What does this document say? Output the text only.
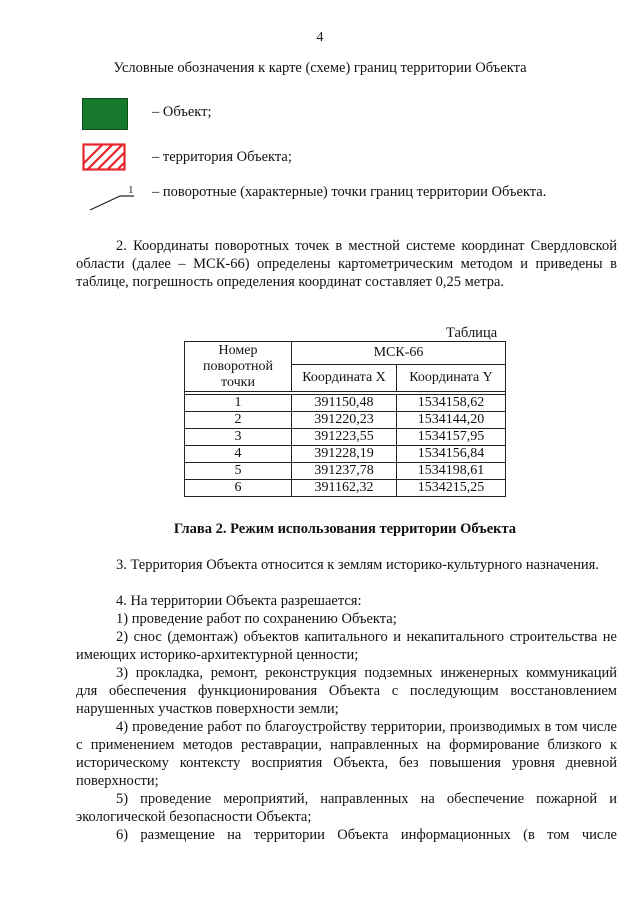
4
Условные обозначения к карте (схеме) границ территории Объекта
– Объект;
– территория Объекта;
1 – поворотные (характерные) точки границ территории Объекта.
2. Координаты поворотных точек в местной системе координат Свердловской области (далее – МСК-66) определены картометрическим методом и приведены в таблице, погрешность определения координат составляет 0,25 метра.
Таблица
Номер поворотной точки	МСК-66	
	Координата X	Координата Y

1	391150,48	1534158,62
2	391220,23	1534144,20
3	391223,55	1534157,95
4	391228,19	1534156,84
5	391237,78	1534198,61
6	391162,32	1534215,25
Глава 2. Режим использования территории Объекта
3. Территория Объекта относится к землям историко-культурного назначения.
4. На территории Объекта разрешается:
1) проведение работ по сохранению Объекта;
2) снос (демонтаж) объектов капитального и некапитального строительства не имеющих историко-архитектурной ценности;
3) прокладка, ремонт, реконструкция подземных инженерных коммуникаций для обеспечения функционирования Объекта с последующим восстановлением нарушенных участков поверхности земли;
4) проведение работ по благоустройству территории, производимых в том числе с применением методов реставрации, направленных на формирование близкого к историческому контексту восприятия Объекта, без повышения уровня дневной поверхности;
5) проведение мероприятий, направленных на обеспечение пожарной и экологической безопасности Объекта;
6) размещение на территории Объекта информационных (в том числе
